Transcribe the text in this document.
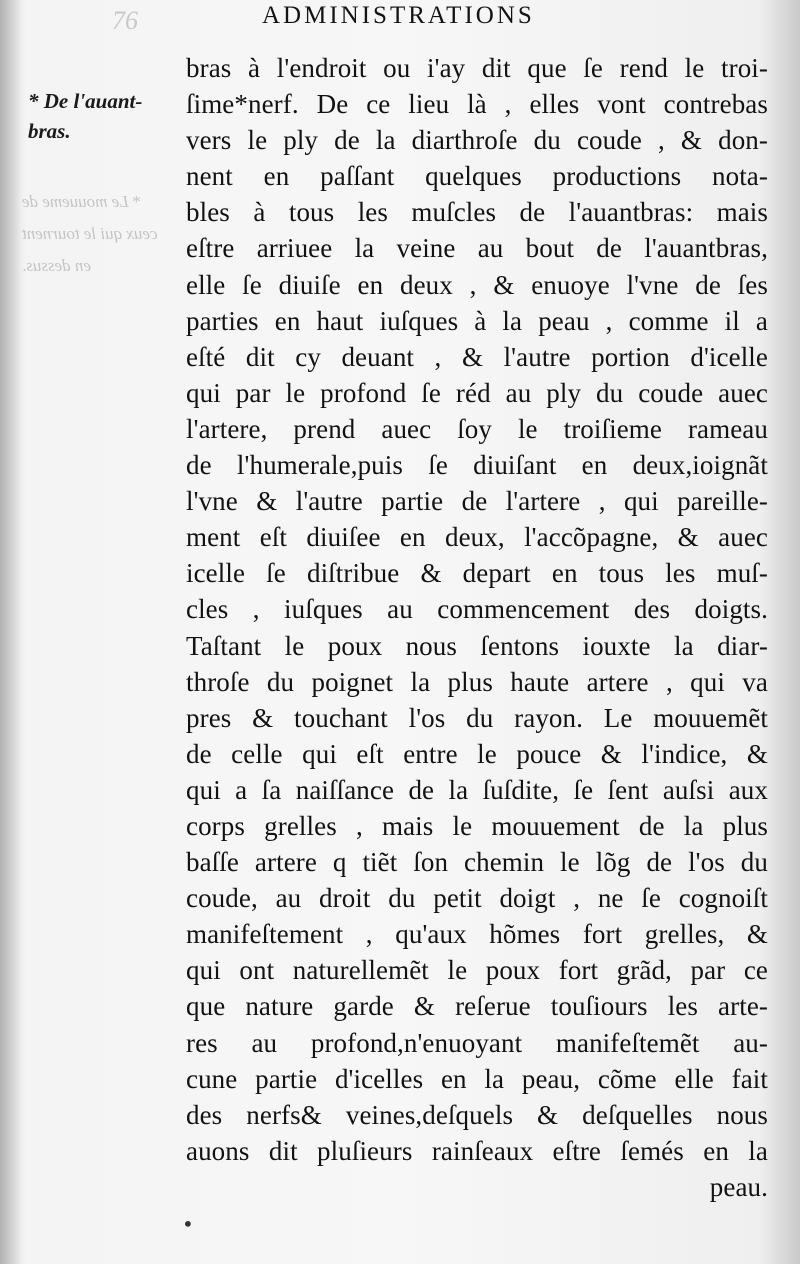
76	ADMINISTRATIONS
* De l'auant-bras.
* Le mouueme de ceux qui le tournent en dessus.
bras à l'endroit ou i'ay dit que ſe rend le troi-
ſime*nerf. De ce lieu là , elles vont contrebas
vers le ply de la diarthroſe du coude , & don-
nent en paſſant quelques productions nota-
bles à tous les muſcles de l'auantbras: mais
eſtre arriuee la veine au bout de l'auantbras,
elle ſe diuiſe en deux , & enuoye l'vne de ſes
parties en haut iuſques à la peau , comme il a
eſté dit cy deuant , & l'autre portion d'icelle
qui par le profond ſe réd au ply du coude auec
l'artere, prend auec ſoy le troiſieme rameau
de l'humerale,puis ſe diuiſant en deux,ioignãt
l'vne & l'autre partie de l'artere , qui pareille-
ment eſt diuiſee en deux, l'accõpagne, & auec
icelle ſe diſtribue & depart en tous les muſ-
cles , iuſques au commencement des doigts.
Taſtant le poux nous ſentons iouxte la diar-
throſe du poignet la plus haute artere , qui va
pres & touchant l'os du rayon. Le mouuemẽt
de celle qui eſt entre le pouce & l'indice, &
qui a ſa naiſſance de la ſuſdite, ſe ſent auſsi aux
corps grelles , mais le mouuement de la plus
baſſe artere q tiẽt ſon chemin le lõg de l'os du
coude, au droit du petit doigt , ne ſe cognoiſt
manifeſtement , qu'aux hõmes fort grelles, &
qui ont naturellemẽt le poux fort grãd, par ce
que nature garde & reſerue touſiours les arte-
res au profond,n'enuoyant manifeſtemẽt au-
cune partie d'icelles en la peau, cõme elle fait
des nerfs& veines,deſquels & deſquelles nous
auons dit pluſieurs rainſeaux eſtre ſemés en la
peau.
•
